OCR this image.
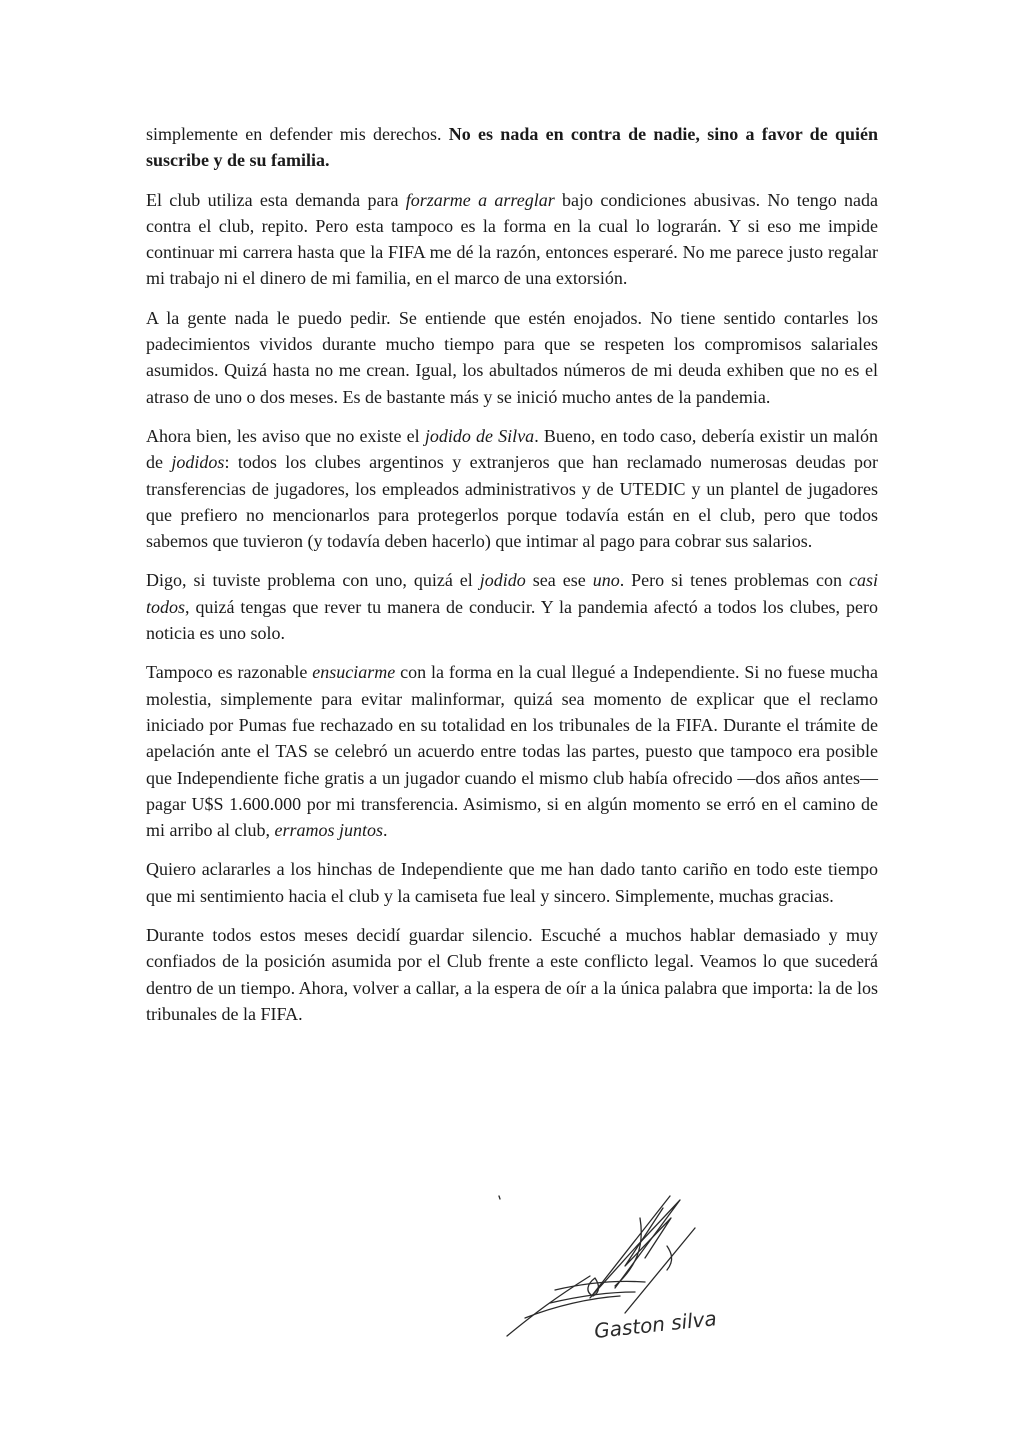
simplemente en defender mis derechos. No es nada en contra de nadie, sino a favor de quién suscribe y de su familia.

El club utiliza esta demanda para forzarme a arreglar bajo condiciones abusivas. No tengo nada contra el club, repito. Pero esta tampoco es la forma en la cual lo lograrán. Y si eso me impide continuar mi carrera hasta que la FIFA me dé la razón, entonces esperaré. No me parece justo regalar mi trabajo ni el dinero de mi familia, en el marco de una extorsión.

A la gente nada le puedo pedir. Se entiende que estén enojados. No tiene sentido contarles los padecimientos vividos durante mucho tiempo para que se respeten los compromisos salariales asumidos. Quizá hasta no me crean. Igual, los abultados números de mi deuda exhiben que no es el atraso de uno o dos meses. Es de bastante más y se inició mucho antes de la pandemia.

Ahora bien, les aviso que no existe el jodido de Silva. Bueno, en todo caso, debería existir un malón de jodidos: todos los clubes argentinos y extranjeros que han reclamado numerosas deudas por transferencias de jugadores, los empleados administrativos y de UTEDIC y un plantel de jugadores que prefiero no mencionarlos para protegerlos porque todavía están en el club, pero que todos sabemos que tuvieron (y todavía deben hacerlo) que intimar al pago para cobrar sus salarios.

Digo, si tuviste problema con uno, quizá el jodido sea ese uno. Pero si tenes problemas con casi todos, quizá tengas que rever tu manera de conducir. Y la pandemia afectó a todos los clubes, pero noticia es uno solo.

Tampoco es razonable ensuciarme con la forma en la cual llegué a Independiente. Si no fuese mucha molestia, simplemente para evitar malinformar, quizá sea momento de explicar que el reclamo iniciado por Pumas fue rechazado en su totalidad en los tribunales de la FIFA. Durante el trámite de apelación ante el TAS se celebró un acuerdo entre todas las partes, puesto que tampoco era posible que Independiente fiche gratis a un jugador cuando el mismo club había ofrecido —dos años antes— pagar U$S 1.600.000 por mi transferencia. Asimismo, si en algún momento se erró en el camino de mi arribo al club, erramos juntos.

Quiero aclararles a los hinchas de Independiente que me han dado tanto cariño en todo este tiempo que mi sentimiento hacia el club y la camiseta fue leal y sincero. Simplemente, muchas gracias.

Durante todos estos meses decidí guardar silencio. Escuché a muchos hablar demasiado y muy confiados de la posición asumida por el Club frente a este conflicto legal. Veamos lo que sucederá dentro de un tiempo. Ahora, volver a callar, a la espera de oír a la única palabra que importa: la de los tribunales de la FIFA.

Gaston silva
